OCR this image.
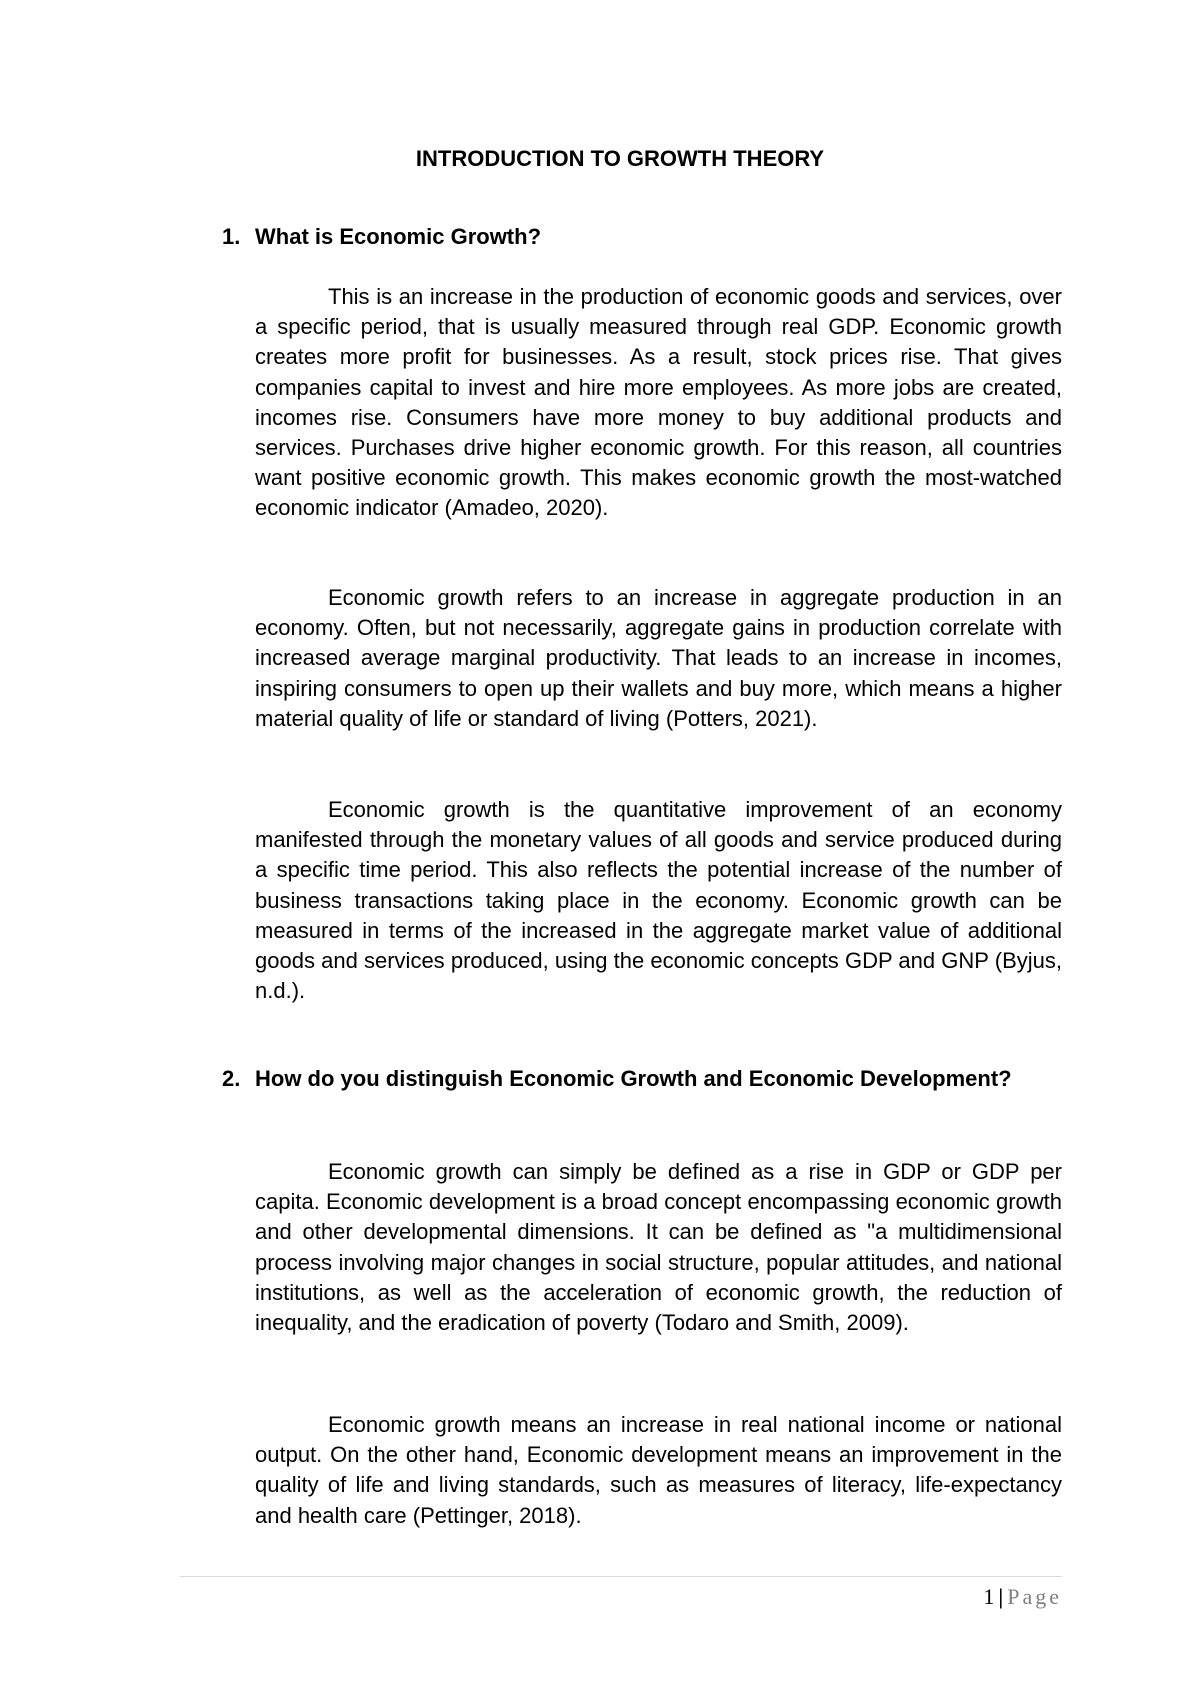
INTRODUCTION TO GROWTH THEORY
1. What is Economic Growth?

This is an increase in the production of economic goods and services, over a specific period, that is usually measured through real GDP. Economic growth creates more profit for businesses. As a result, stock prices rise. That gives companies capital to invest and hire more employees. As more jobs are created, incomes rise. Consumers have more money to buy additional products and services. Purchases drive higher economic growth. For this reason, all countries want positive economic growth. This makes economic growth the most-watched economic indicator (Amadeo, 2020).

Economic growth refers to an increase in aggregate production in an economy. Often, but not necessarily, aggregate gains in production correlate with increased average marginal productivity. That leads to an increase in incomes, inspiring consumers to open up their wallets and buy more, which means a higher material quality of life or standard of living (Potters, 2021).

Economic growth is the quantitative improvement of an economy manifested through the monetary values of all goods and service produced during a specific time period. This also reflects the potential increase of the number of business transactions taking place in the economy. Economic growth can be measured in terms of the increased in the aggregate market value of additional goods and services produced, using the economic concepts GDP and GNP (Byjus, n.d.).

2. How do you distinguish Economic Growth and Economic Development?

Economic growth can simply be defined as a rise in GDP or GDP per capita. Economic development is a broad concept encompassing economic growth and other developmental dimensions. It can be defined as "a multidimensional process involving major changes in social structure, popular attitudes, and national institutions, as well as the acceleration of economic growth, the reduction of inequality, and the eradication of poverty (Todaro and Smith, 2009).

Economic growth means an increase in real national income or national output. On the other hand, Economic development means an improvement in the quality of life and living standards, such as measures of literacy, life-expectancy and health care (Pettinger, 2018).

1 | Page
